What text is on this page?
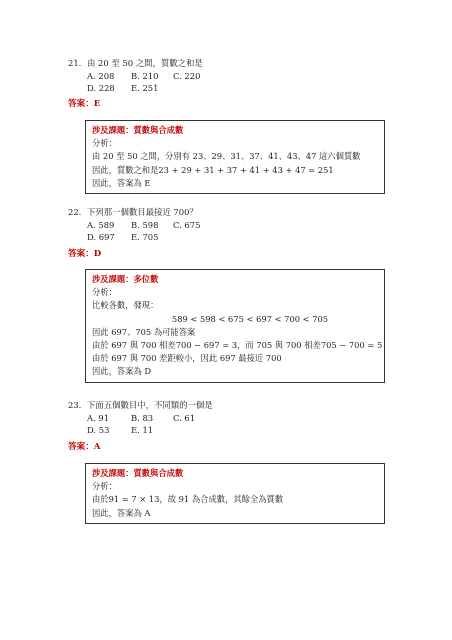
21. 由 20 至 50 之間，質數之和是
A. 208 B. 210 C. 220
D. 228 E. 251
答案：E
涉及課題：質數與合成數
分析：
由 20 至 50 之間，分別有 23、29、31、37、41、43、47 這六個質數
因此，質數之和是23 + 29 + 31 + 37 + 41 + 43 + 47 = 251
因此，答案為 E
22. 下列那一個數目最接近 700？
A. 589 B. 598 C. 675
D. 697 E. 705
答案：D
涉及課題：多位數
分析：
比較各數，發現：
589 < 598 < 675 < 697 < 700 < 705
因此 697、705 為可能答案
由於 697 與 700 相差700 − 697 = 3，而 705 與 700 相差705 − 700 = 5
由於 697 與 700 差距較小，因此 697 最接近 700
因此，答案為 D
23. 下面五個數目中，不同類的一個是
A. 91	B. 83	C. 61
D. 53	E. 11
答案：A
涉及課題：質數與合成數
分析：
由於91 = 7 × 13，故 91 為合成數，其餘全為質數
因此，答案為 A
